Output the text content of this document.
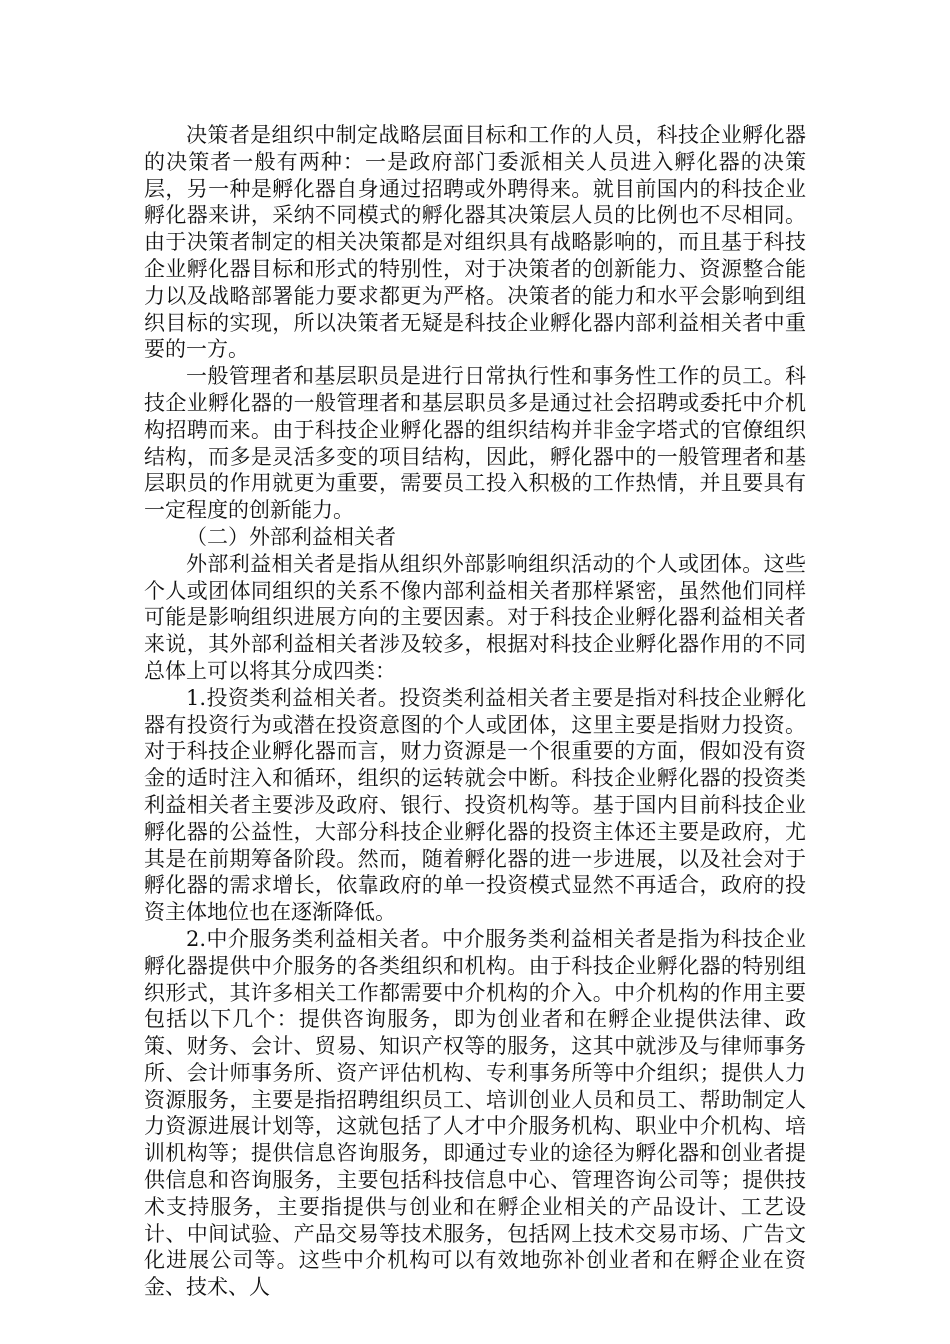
决策者是组织中制定战略层面目标和工作的人员，科技企业孵化器的决策者一般有两种：一是政府部门委派相关人员进入孵化器的决策层，另一种是孵化器自身通过招聘或外聘得来。就目前国内的科技企业孵化器来讲，采纳不同模式的孵化器其决策层人员的比例也不尽相同。由于决策者制定的相关决策都是对组织具有战略影响的，而且基于科技企业孵化器目标和形式的特别性，对于决策者的创新能力、资源整合能力以及战略部署能力要求都更为严格。决策者的能力和水平会影响到组织目标的实现，所以决策者无疑是科技企业孵化器内部利益相关者中重要的一方。

一般管理者和基层职员是进行日常执行性和事务性工作的员工。科技企业孵化器的一般管理者和基层职员多是通过社会招聘或委托中介机构招聘而来。由于科技企业孵化器的组织结构并非金字塔式的官僚组织结构，而多是灵活多变的项目结构，因此，孵化器中的一般管理者和基层职员的作用就更为重要，需要员工投入积极的工作热情，并且要具有一定程度的创新能力。

（二）外部利益相关者

外部利益相关者是指从组织外部影响组织活动的个人或团体。这些个人或团体同组织的关系不像内部利益相关者那样紧密，虽然他们同样可能是影响组织进展方向的主要因素。对于科技企业孵化器利益相关者来说，其外部利益相关者涉及较多，根据对科技企业孵化器作用的不同总体上可以将其分成四类：

1.投资类利益相关者。投资类利益相关者主要是指对科技企业孵化器有投资行为或潜在投资意图的个人或团体，这里主要是指财力投资。对于科技企业孵化器而言，财力资源是一个很重要的方面，假如没有资金的适时注入和循环，组织的运转就会中断。科技企业孵化器的投资类利益相关者主要涉及政府、银行、投资机构等。基于国内目前科技企业孵化器的公益性，大部分科技企业孵化器的投资主体还主要是政府，尤其是在前期筹备阶段。然而，随着孵化器的进一步进展，以及社会对于孵化器的需求增长，依靠政府的单一投资模式显然不再适合，政府的投资主体地位也在逐渐降低。

2.中介服务类利益相关者。中介服务类利益相关者是指为科技企业孵化器提供中介服务的各类组织和机构。由于科技企业孵化器的特别组织形式，其许多相关工作都需要中介机构的介入。中介机构的作用主要包括以下几个：提供咨询服务，即为创业者和在孵企业提供法律、政策、财务、会计、贸易、知识产权等的服务，这其中就涉及与律师事务所、会计师事务所、资产评估机构、专利事务所等中介组织；提供人力资源服务，主要是指招聘组织员工、培训创业人员和员工、帮助制定人力资源进展计划等，这就包括了人才中介服务机构、职业中介机构、培训机构等；提供信息咨询服务，即通过专业的途径为孵化器和创业者提供信息和咨询服务，主要包括科技信息中心、管理咨询公司等；提供技术支持服务，主要指提供与创业和在孵企业相关的产品设计、工艺设计、中间试验、产品交易等技术服务，包括网上技术交易市场、广告文化进展公司等。这些中介机构可以有效地弥补创业者和在孵企业在资金、技术、人
